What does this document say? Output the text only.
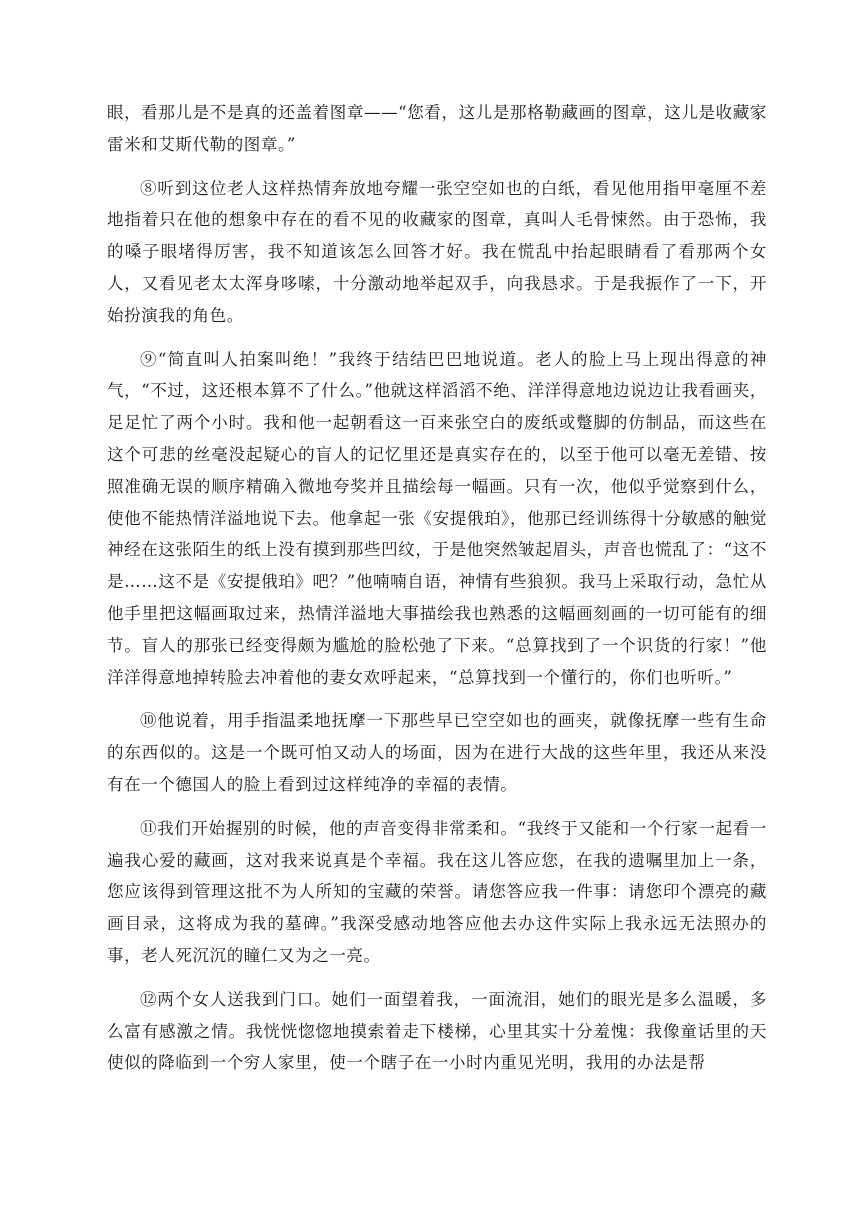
眼，看那儿是不是真的还盖着图章——“您看，这儿是那格勒藏画的图章，这儿是收藏家雷米和艾斯代勒的图章。”

⑧听到这位老人这样热情奔放地夸耀一张空空如也的白纸，看见他用指甲毫厘不差地指着只在他的想象中存在的看不见的收藏家的图章，真叫人毛骨悚然。由于恐怖，我的嗓子眼堵得厉害，我不知道该怎么回答才好。我在慌乱中抬起眼睛看了看那两个女人，又看见老太太浑身哆嗦，十分激动地举起双手，向我恳求。于是我振作了一下，开始扮演我的角色。

⑨“简直叫人拍案叫绝！”我终于结结巴巴地说道。老人的脸上马上现出得意的神气，“不过，这还根本算不了什么。”他就这样滔滔不绝、洋洋得意地边说边让我看画夹，足足忙了两个小时。我和他一起朝看这一百来张空白的废纸或蹩脚的仿制品，而这些在这个可悲的丝毫没起疑心的盲人的记忆里还是真实存在的，以至于他可以毫无差错、按照准确无误的顺序精确入微地夸奖并且描绘每一幅画。只有一次，他似乎觉察到什么，使他不能热情洋溢地说下去。他拿起一张《安提俄珀》，他那已经训练得十分敏感的触觉神经在这张陌生的纸上没有摸到那些凹纹，于是他突然皱起眉头，声音也慌乱了：“这不是……这不是《安提俄珀》吧？”他喃喃自语，神情有些狼狈。我马上采取行动，急忙从他手里把这幅画取过来，热情洋溢地大事描绘我也熟悉的这幅画刻画的一切可能有的细节。盲人的那张已经变得颇为尴尬的脸松弛了下来。“总算找到了一个识货的行家！”他洋洋得意地掉转脸去冲着他的妻女欢呼起来，“总算找到一个懂行的，你们也听听。”

⑩他说着，用手指温柔地抚摩一下那些早已空空如也的画夹，就像抚摩一些有生命的东西似的。这是一个既可怕又动人的场面，因为在进行大战的这些年里，我还从来没有在一个德国人的脸上看到过这样纯净的幸福的表情。

⑪我们开始握别的时候，他的声音变得非常柔和。“我终于又能和一个行家一起看一遍我心爱的藏画，这对我来说真是个幸福。我在这儿答应您，在我的遗嘱里加上一条，您应该得到管理这批不为人所知的宝藏的荣誉。请您答应我一件事：请您印个漂亮的藏画目录，这将成为我的墓碑。”我深受感动地答应他去办这件实际上我永远无法照办的事，老人死沉沉的瞳仁又为之一亮。

⑫两个女人送我到门口。她们一面望着我，一面流泪，她们的眼光是多么温暖，多么富有感激之情。我恍恍惚惚地摸索着走下楼梯，心里其实十分羞愧：我像童话里的天使似的降临到一个穷人家里，使一个瞎子在一小时内重见光明，我用的办法是帮
